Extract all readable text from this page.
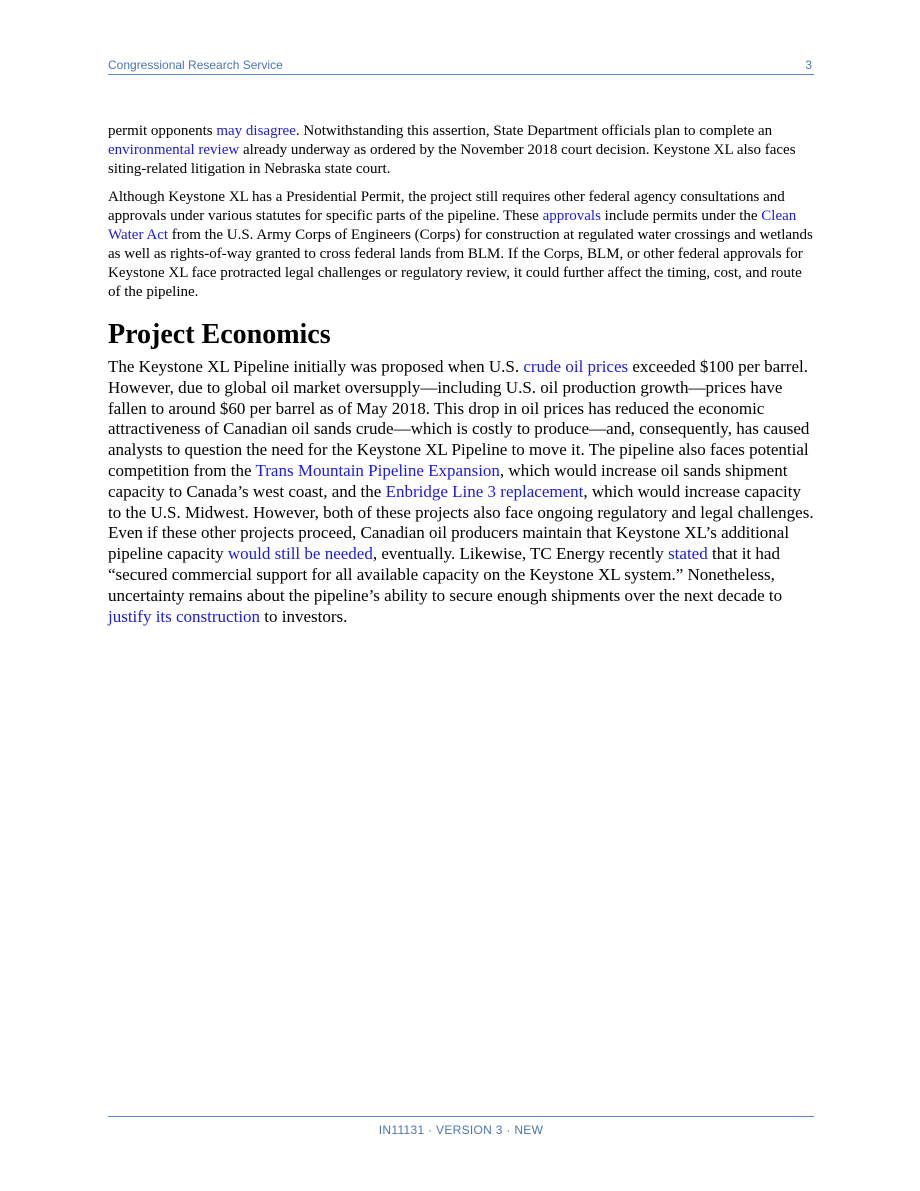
Congressional Research Service	3

permit opponents may disagree. Notwithstanding this assertion, State Department officials plan to complete an environmental review already underway as ordered by the November 2018 court decision. Keystone XL also faces siting-related litigation in Nebraska state court.

Although Keystone XL has a Presidential Permit, the project still requires other federal agency consultations and approvals under various statutes for specific parts of the pipeline. These approvals include permits under the Clean Water Act from the U.S. Army Corps of Engineers (Corps) for construction at regulated water crossings and wetlands as well as rights-of-way granted to cross federal lands from BLM. If the Corps, BLM, or other federal approvals for Keystone XL face protracted legal challenges or regulatory review, it could further affect the timing, cost, and route of the pipeline.

Project Economics

The Keystone XL Pipeline initially was proposed when U.S. crude oil prices exceeded $100 per barrel. However, due to global oil market oversupply—including U.S. oil production growth—prices have fallen to around $60 per barrel as of May 2018. This drop in oil prices has reduced the economic attractiveness of Canadian oil sands crude—which is costly to produce—and, consequently, has caused analysts to question the need for the Keystone XL Pipeline to move it. The pipeline also faces potential competition from the Trans Mountain Pipeline Expansion, which would increase oil sands shipment capacity to Canada’s west coast, and the Enbridge Line 3 replacement, which would increase capacity to the U.S. Midwest. However, both of these projects also face ongoing regulatory and legal challenges. Even if these other projects proceed, Canadian oil producers maintain that Keystone XL’s additional pipeline capacity would still be needed, eventually. Likewise, TC Energy recently stated that it had “secured commercial support for all available capacity on the Keystone XL system.” Nonetheless, uncertainty remains about the pipeline’s ability to secure enough shipments over the next decade to justify its construction to investors.

IN11131 · VERSION 3 · NEW
